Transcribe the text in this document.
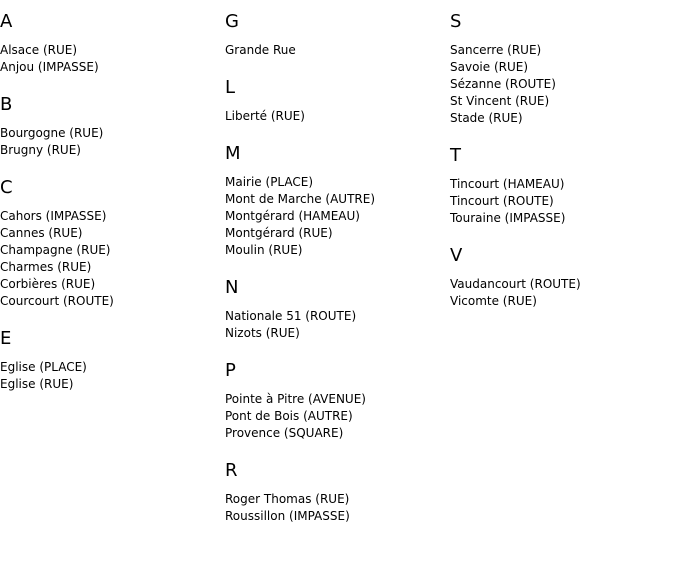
A
Alsace (RUE)
Anjou (IMPASSE)
B
Bourgogne (RUE)
Brugny (RUE)
C
Cahors (IMPASSE)
Cannes (RUE)
Champagne (RUE)
Charmes (RUE)
Corbières (RUE)
Courcourt (ROUTE)
E
Eglise (PLACE)
Eglise (RUE)
G
Grande Rue
L
Liberté (RUE)
M
Mairie (PLACE)
Mont de Marche (AUTRE)
Montgérard (HAMEAU)
Montgérard (RUE)
Moulin (RUE)
N
Nationale 51 (ROUTE)
Nizots (RUE)
P
Pointe à Pitre (AVENUE)
Pont de Bois (AUTRE)
Provence (SQUARE)
R
Roger Thomas (RUE)
Roussillon (IMPASSE)
S
Sancerre (RUE)
Savoie (RUE)
Sézanne (ROUTE)
St Vincent (RUE)
Stade (RUE)
T
Tincourt (HAMEAU)
Tincourt (ROUTE)
Touraine (IMPASSE)
V
Vaudancourt (ROUTE)
Vicomte (RUE)
